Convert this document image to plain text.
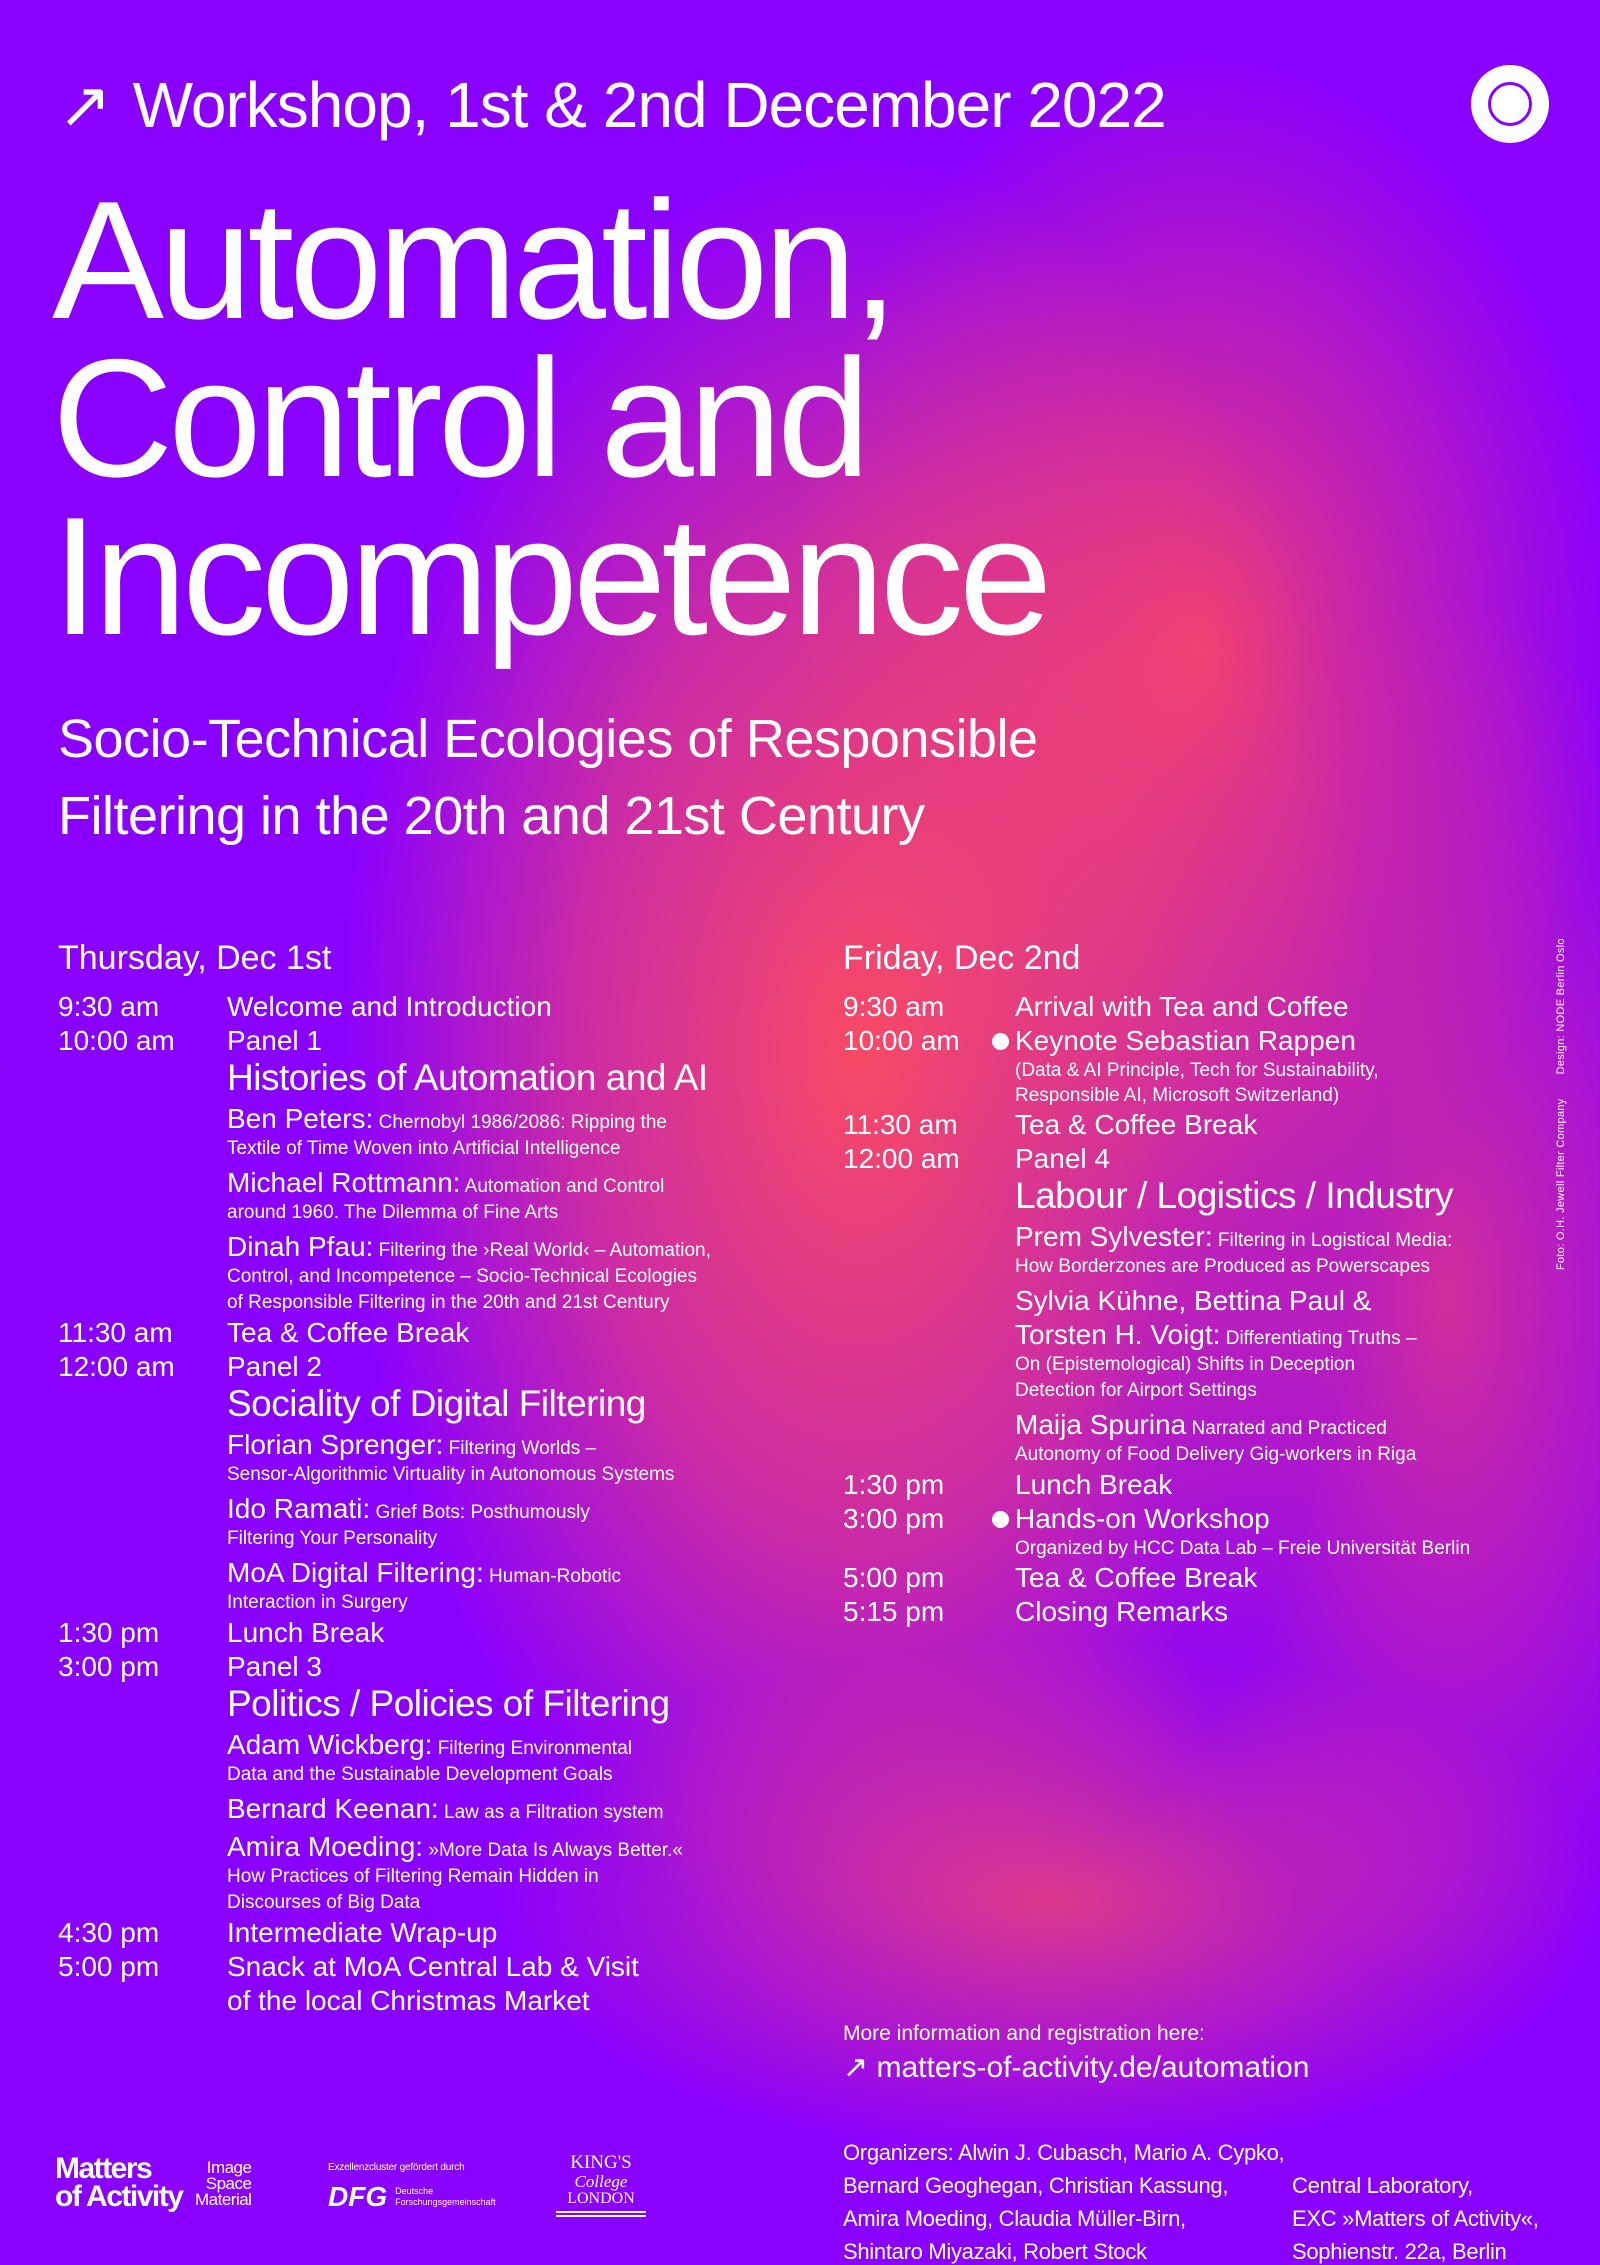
↗ Workshop, 1st & 2nd December 2022
Automation,
Control and
Incompetence
Socio-Technical Ecologies of Responsible
Filtering in the 20th and 21st Century
Thursday, Dec 1st
9:30 am	Welcome and Introduction
10:00 am	Panel 1
Histories of Automation and AI
Ben Peters: Chernobyl 1986/2086: Ripping the
Textile of Time Woven into Artificial Intelligence
Michael Rottmann: Automation and Control
around 1960. The Dilemma of Fine Arts
Dinah Pfau: Filtering the ›Real World‹ – Automation,
Control, and Incompetence – Socio-Technical Ecologies
of Responsible Filtering in the 20th and 21st Century
11:30 am	Tea & Coffee Break
12:00 am	Panel 2
Sociality of Digital Filtering
Florian Sprenger: Filtering Worlds –
Sensor-Algorithmic Virtuality in Autonomous Systems
Ido Ramati: Grief Bots: Posthumously
Filtering Your Personality
MoA Digital Filtering: Human-Robotic
Interaction in Surgery
1:30 pm	Lunch Break
3:00 pm	Panel 3
Politics / Policies of Filtering
Adam Wickberg: Filtering Environmental
Data and the Sustainable Development Goals
Bernard Keenan: Law as a Filtration system
Amira Moeding: »More Data Is Always Better.«
How Practices of Filtering Remain Hidden in
Discourses of Big Data
4:30 pm	Intermediate Wrap-up
5:00 pm	Snack at MoA Central Lab & Visit
of the local Christmas Market
Friday, Dec 2nd
9:30 am	Arrival with Tea and Coffee
10:00 am	Keynote Sebastian Rappen
(Data & AI Principle, Tech for Sustainability,
Responsible AI, Microsoft Switzerland)
11:30 am	Tea & Coffee Break
12:00 am	Panel 4
Labour / Logistics / Industry
Prem Sylvester: Filtering in Logistical Media:
How Borderzones are Produced as Powerscapes
Sylvia Kühne, Bettina Paul &
Torsten H. Voigt: Differentiating Truths –
On (Epistemological) Shifts in Deception
Detection for Airport Settings
Maija Spurina Narrated and Practiced
Autonomy of Food Delivery Gig-workers in Riga
1:30 pm	Lunch Break
3:00 pm	Hands-on Workshop
Organized by HCC Data Lab – Freie Universität Berlin
5:00 pm	Tea & Coffee Break
5:15 pm	Closing Remarks
Foto: O.H. Jewell Filter CompanyDesign: NODE Berlin Oslo
More information and registration here:
↗ matters-of-activity.de/automation
Organizers: Alwin J. Cubasch, Mario A. Cypko,
Bernard Geoghegan, Christian Kassung,
Amira Moeding, Claudia Müller-Birn,
Shintaro Miyazaki, Robert Stock
Central Laboratory,
EXC »Matters of Activity«,
Sophienstr. 22a, Berlin
Matters
of Activity
Image
Space
Material
Exzellenzcluster gefördert durch
DFG Deutsche
Forschungsgemeinschaft
KING'S
College
LONDON
